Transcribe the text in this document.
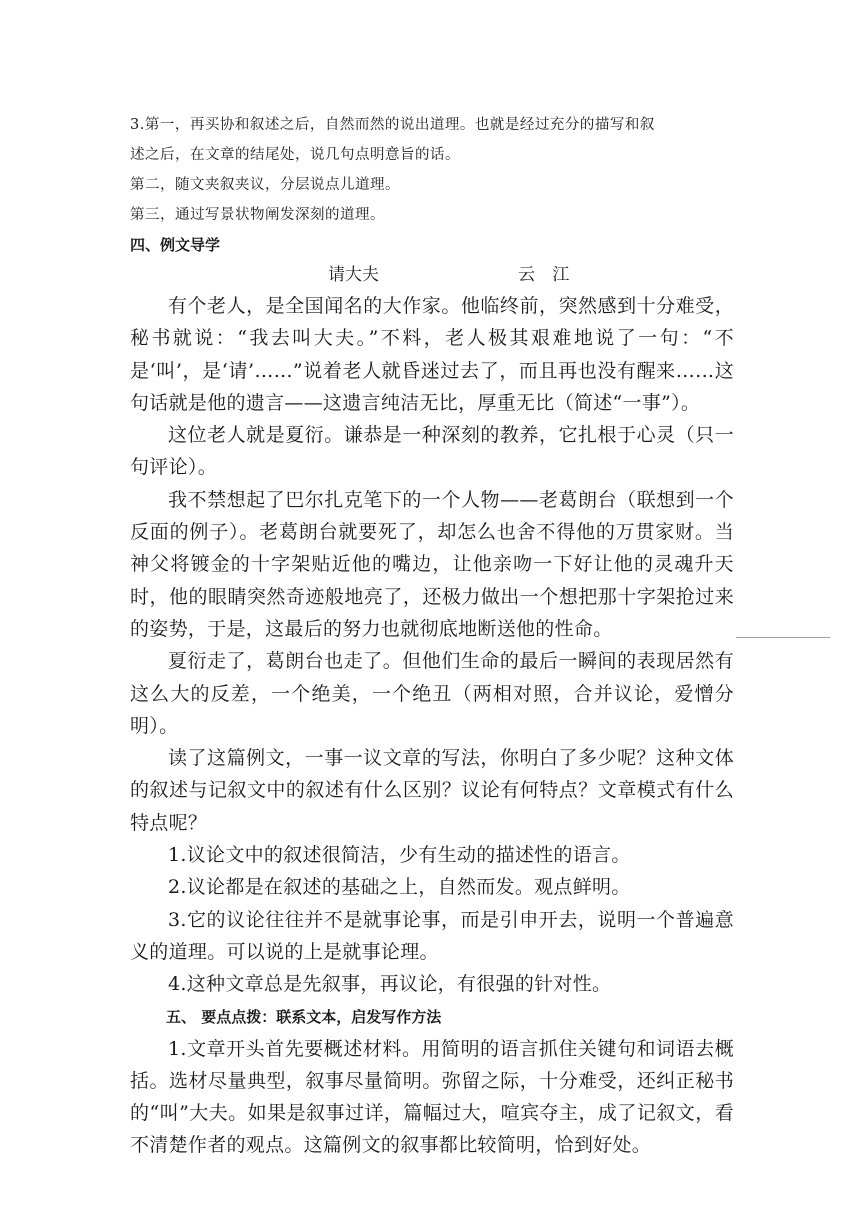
3.第一，再买协和叙述之后，自然而然的说出道理。也就是经过充分的描写和叙

述之后，在文章的结尾处，说几句点明意旨的话。

第二，随文夹叙夹议，分层说点儿道理。

第三，通过写景状物阐发深刻的道理。

四、例文导学

请大夫	云 江

有个老人，是全国闻名的大作家。他临终前，突然感到十分难受，秘书就说：“我去叫大夫。”不料，老人极其艰难地说了一句：“不是‘叫’，是‘请’……”说着老人就昏迷过去了，而且再也没有醒来……这句话就是他的遗言——这遗言纯洁无比，厚重无比（简述“一事”）。

这位老人就是夏衍。谦恭是一种深刻的教养，它扎根于心灵（只一句评论）。

我不禁想起了巴尔扎克笔下的一个人物——老葛朗台（联想到一个反面的例子）。老葛朗台就要死了，却怎么也舍不得他的万贯家财。当神父将镀金的十字架贴近他的嘴边，让他亲吻一下好让他的灵魂升天时，他的眼睛突然奇迹般地亮了，还极力做出一个想把那十字架抢过来的姿势，于是，这最后的努力也就彻底地断送他的性命。

夏衍走了，葛朗台也走了。但他们生命的最后一瞬间的表现居然有这么大的反差，一个绝美，一个绝丑（两相对照，合并议论，爱憎分明）。

读了这篇例文，一事一议文章的写法，你明白了多少呢？这种文体的叙述与记叙文中的叙述有什么区别？议论有何特点？文章模式有什么特点呢？

1.议论文中的叙述很简洁，少有生动的描述性的语言。

2.议论都是在叙述的基础之上，自然而发。观点鲜明。

3.它的议论往往并不是就事论事，而是引申开去，说明一个普遍意义的道理。可以说的上是就事论理。

4.这种文章总是先叙事，再议论，有很强的针对性。

五、 要点点拨：联系文本，启发写作方法

1.文章开头首先要概述材料。用简明的语言抓住关键句和词语去概括。选材尽量典型，叙事尽量简明。弥留之际，十分难受，还纠正秘书的“叫”大夫。如果是叙事过详，篇幅过大，喧宾夺主，成了记叙文，看不清楚作者的观点。这篇例文的叙事都比较简明，恰到好处。
